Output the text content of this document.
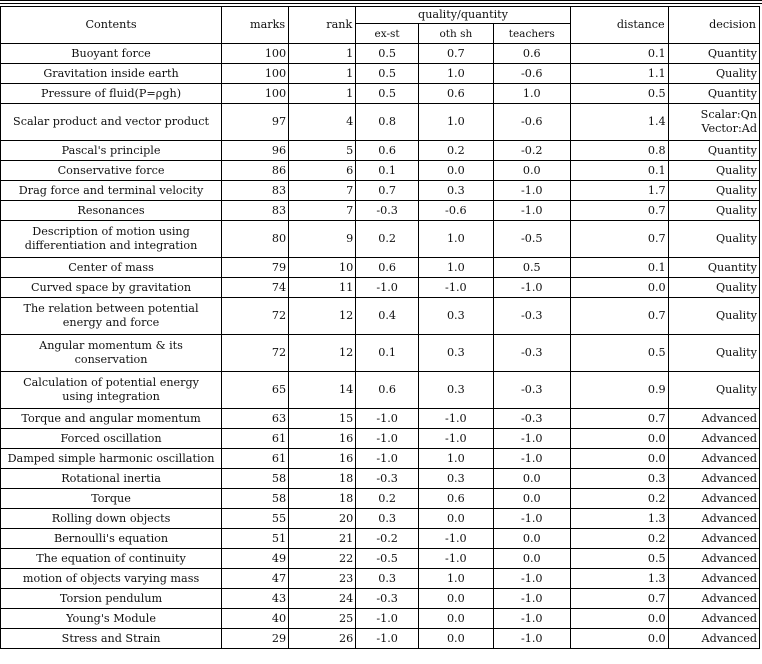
Contents	marks	rank	quality/quantity			distance	decision
			ex-st	oth sh	teachers		

Buoyant force	100	1	0.5	0.7	0.6	0.1	Quantity

Gravitation inside earth	100	1	0.5	1.0	-0.6	1.1	Quality

Pressure of fluid(P=ρgh)	100	1	0.5	0.6	1.0	0.5	Quantity

Scalar product and vector product	97	4	0.8	1.0	-0.6	1.4	Scalar:Qn
Vector:Ad

Pascal's principle	96	5	0.6	0.2	-0.2	0.8	Quantity

Conservative force	86	6	0.1	0.0	0.0	0.1	Quality

Drag force and terminal velocity	83	7	0.7	0.3	-1.0	1.7	Quality

Resonances	83	7	-0.3	-0.6	-1.0	0.7	Quality

Description of motion using
differentiation and integration	80	9	0.2	1.0	-0.5	0.7	Quality

Center of mass	79	10	0.6	1.0	0.5	0.1	Quantity

Curved space by gravitation	74	11	-1.0	-1.0	-1.0	0.0	Quality

The relation between potential
energy and force	72	12	0.4	0.3	-0.3	0.7	Quality

Angular momentum & its
conservation	72	12	0.1	0.3	-0.3	0.5	Quality

Calculation of potential energy
using integration	65	14	0.6	0.3	-0.3	0.9	Quality

Torque and angular momentum	63	15	-1.0	-1.0	-0.3	0.7	Advanced

Forced oscillation	61	16	-1.0	-1.0	-1.0	0.0	Advanced

Damped simple harmonic oscillation	61	16	-1.0	1.0	-1.0	0.0	Advanced

Rotational inertia	58	18	-0.3	0.3	0.0	0.3	Advanced

Torque	58	18	0.2	0.6	0.0	0.2	Advanced

Rolling down objects	55	20	0.3	0.0	-1.0	1.3	Advanced

Bernoulli's equation	51	21	-0.2	-1.0	0.0	0.2	Advanced

The equation of continuity	49	22	-0.5	-1.0	0.0	0.5	Advanced

motion of objects varying mass	47	23	0.3	1.0	-1.0	1.3	Advanced

Torsion pendulum	43	24	-0.3	0.0	-1.0	0.7	Advanced

Young's Module	40	25	-1.0	0.0	-1.0	0.0	Advanced

Stress and Strain	29	26	-1.0	0.0	-1.0	0.0	Advanced
